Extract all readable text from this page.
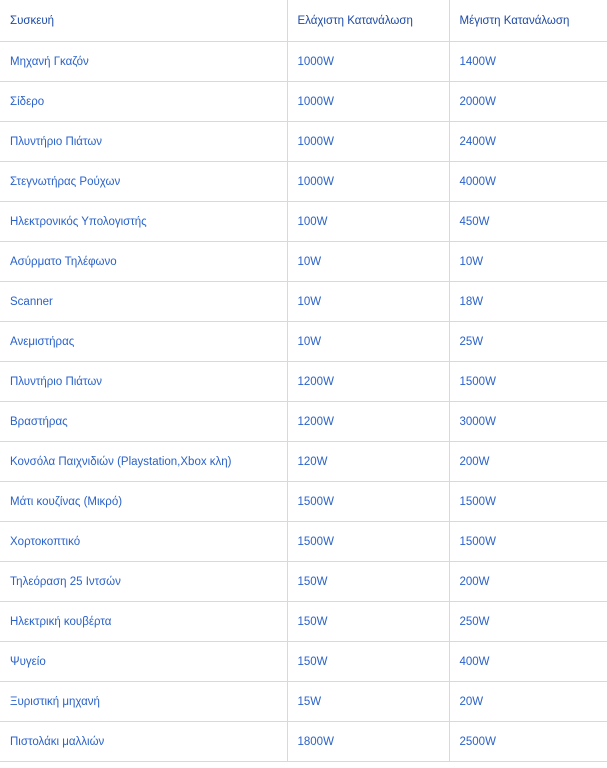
Συσκευή	Ελάχιστη Κατανάλωση	Μέγιστη Κατανάλωση
Μηχανή Γκαζόν	1000W	1400W
Σίδερο	1000W	2000W
Πλυντήριο Πιάτων	1000W	2400W
Στεγνωτήρας Ρούχων	1000W	4000W
Ηλεκτρονικός Υπολογιστής	100W	450W
Ασύρματο Τηλέφωνο	10W	10W
Scanner	10W	18W
Ανεμιστήρας	10W	25W
Πλυντήριο Πιάτων	1200W	1500W
Βραστήρας	1200W	3000W
Κονσόλα Παιχνιδιών (Playstation,Xbox κλη)	120W	200W
Μάτι κουζίνας (Μικρό)	1500W	1500W
Χορτοκοπτικό	1500W	1500W
Τηλεόραση 25 Ιντσών	150W	200W
Ηλεκτρική κουβέρτα	150W	250W
Ψυγείο	150W	400W
Ξυριστική μηχανή	15W	20W
Πιστολάκι μαλλιών	1800W	2500W
